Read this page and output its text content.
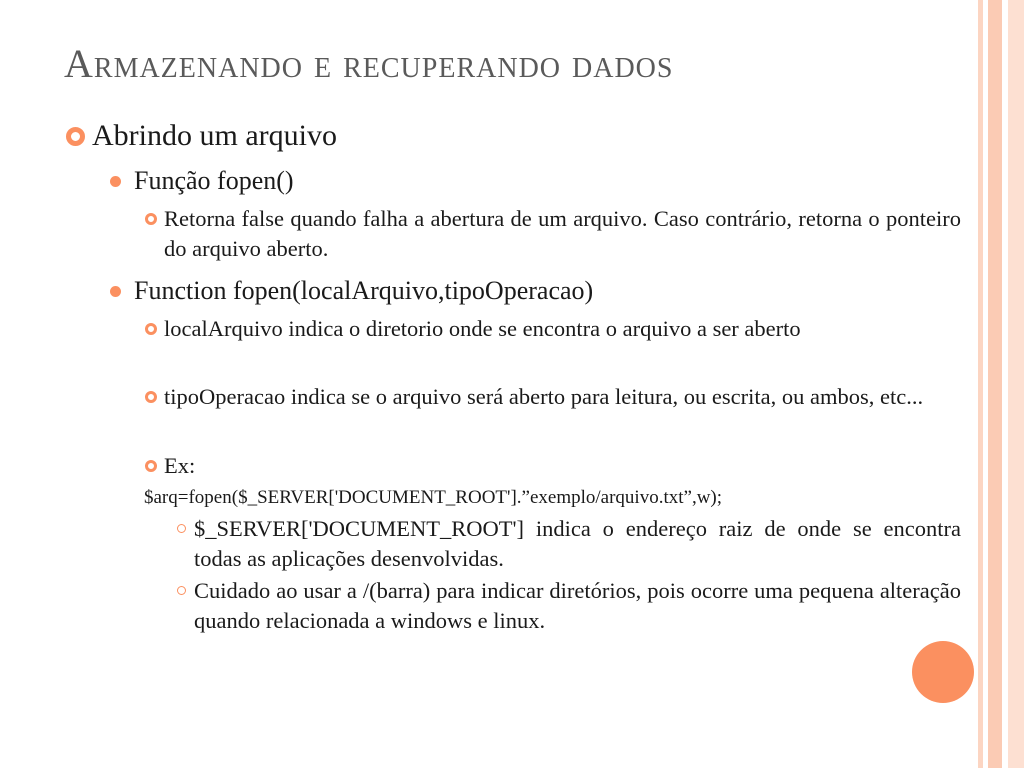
Armazenando e recuperando dados
Abrindo um arquivo
Função fopen()
Retorna false quando falha a abertura de um arquivo. Caso contrário, retorna o ponteiro do arquivo aberto.
Function fopen(localArquivo,tipoOperacao)
localArquivo indica o diretorio onde se encontra o arquivo a ser aberto
tipoOperacao indica se o arquivo será aberto para leitura, ou escrita, ou ambos, etc...
Ex:
$arq=fopen($_SERVER['DOCUMENT_ROOT'].”exemplo/arquivo.txt”,w);
$_SERVER['DOCUMENT_ROOT'] indica o endereço raiz de onde se encontra todas as aplicações desenvolvidas.
Cuidado ao usar a /(barra) para indicar diretórios, pois ocorre uma pequena alteração quando relacionada a windows e linux.
